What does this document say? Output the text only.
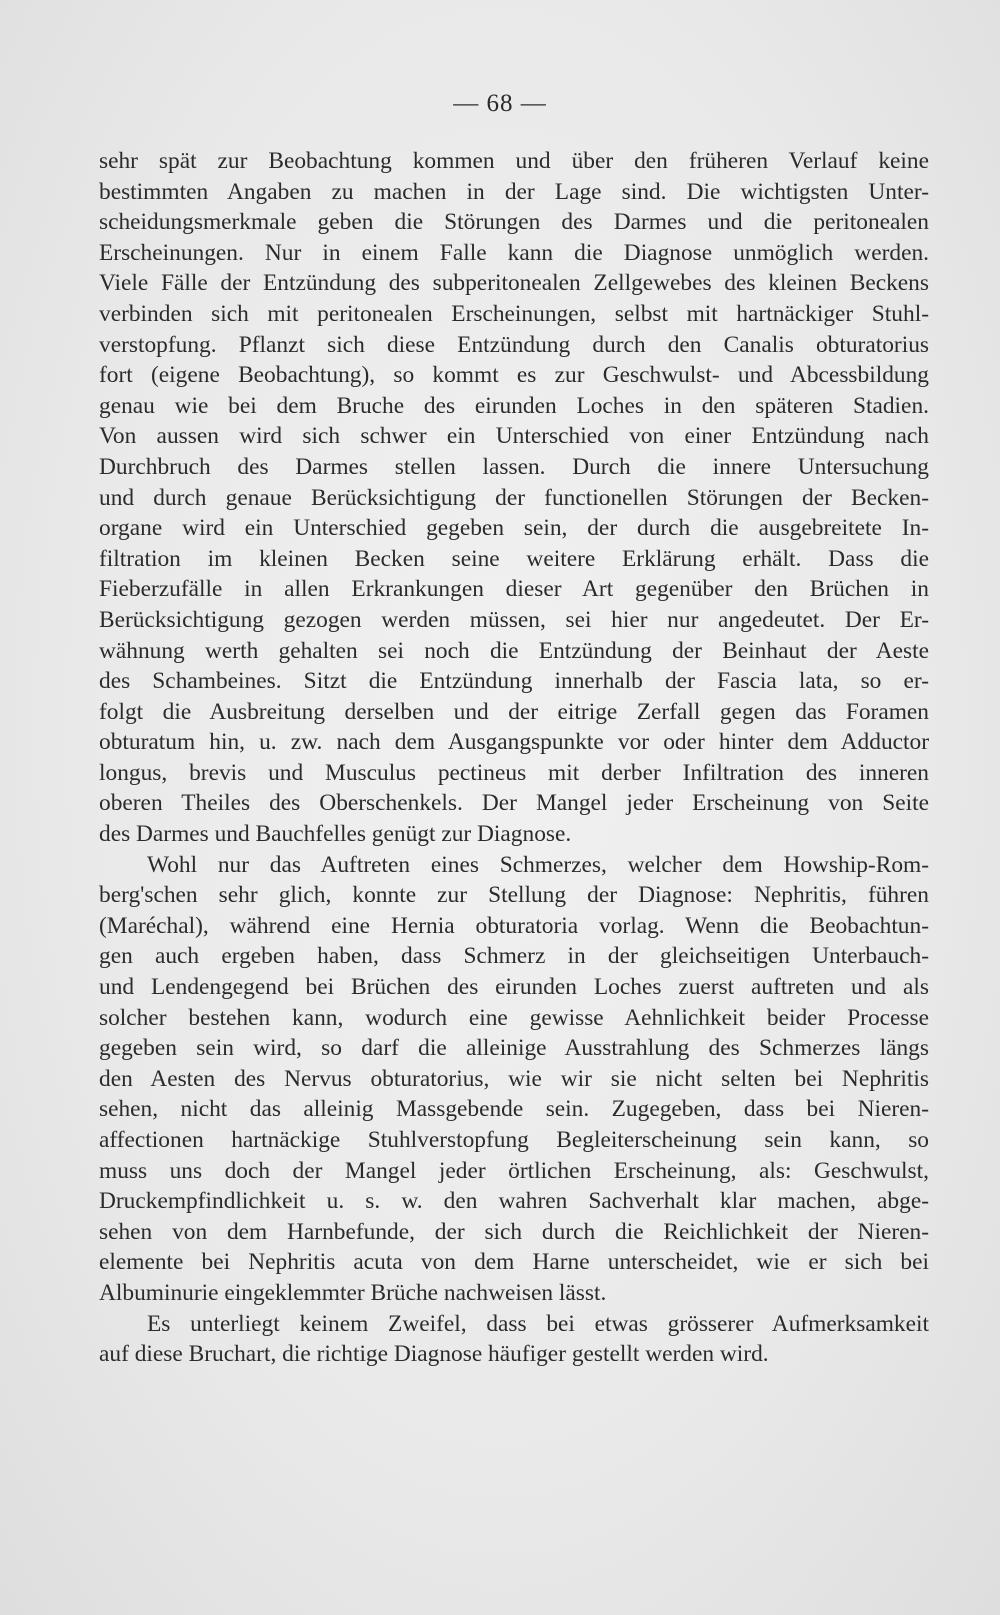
— 68 —
sehr spät zur Beobachtung kommen und über den früheren Verlauf keine
bestimmten Angaben zu machen in der Lage sind. Die wichtigsten Unter-
scheidungsmerkmale geben die Störungen des Darmes und die peritonealen
Erscheinungen. Nur in einem Falle kann die Diagnose unmöglich werden.
Viele Fälle der Entzündung des subperitonealen Zellgewebes des kleinen Beckens
verbinden sich mit peritonealen Erscheinungen, selbst mit hartnäckiger Stuhl-
verstopfung. Pflanzt sich diese Entzündung durch den Canalis obturatorius
fort (eigene Beobachtung), so kommt es zur Geschwulst- und Abcessbildung
genau wie bei dem Bruche des eirunden Loches in den späteren Stadien.
Von aussen wird sich schwer ein Unterschied von einer Entzündung nach
Durchbruch des Darmes stellen lassen. Durch die innere Untersuchung
und durch genaue Berücksichtigung der functionellen Störungen der Becken-
organe wird ein Unterschied gegeben sein, der durch die ausgebreitete In-
filtration im kleinen Becken seine weitere Erklärung erhält. Dass die
Fieberzufälle in allen Erkrankungen dieser Art gegenüber den Brüchen in
Berücksichtigung gezogen werden müssen, sei hier nur angedeutet. Der Er-
wähnung werth gehalten sei noch die Entzündung der Beinhaut der Aeste
des Schambeines. Sitzt die Entzündung innerhalb der Fascia lata, so er-
folgt die Ausbreitung derselben und der eitrige Zerfall gegen das Foramen
obturatum hin, u. zw. nach dem Ausgangspunkte vor oder hinter dem Adductor
longus, brevis und Musculus pectineus mit derber Infiltration des inneren
oberen Theiles des Oberschenkels. Der Mangel jeder Erscheinung von Seite
des Darmes und Bauchfelles genügt zur Diagnose.
Wohl nur das Auftreten eines Schmerzes, welcher dem Howship-Rom-
berg'schen sehr glich, konnte zur Stellung der Diagnose: Nephritis, führen
(Maréchal), während eine Hernia obturatoria vorlag. Wenn die Beobachtun-
gen auch ergeben haben, dass Schmerz in der gleichseitigen Unterbauch-
und Lendengegend bei Brüchen des eirunden Loches zuerst auftreten und als
solcher bestehen kann, wodurch eine gewisse Aehnlichkeit beider Processe
gegeben sein wird, so darf die alleinige Ausstrahlung des Schmerzes längs
den Aesten des Nervus obturatorius, wie wir sie nicht selten bei Nephritis
sehen, nicht das alleinig Massgebende sein. Zugegeben, dass bei Nieren-
affectionen hartnäckige Stuhlverstopfung Begleiterscheinung sein kann, so
muss uns doch der Mangel jeder örtlichen Erscheinung, als: Geschwulst,
Druckempfindlichkeit u. s. w. den wahren Sachverhalt klar machen, abge-
sehen von dem Harnbefunde, der sich durch die Reichlichkeit der Nieren-
elemente bei Nephritis acuta von dem Harne unterscheidet, wie er sich bei
Albuminurie eingeklemmter Brüche nachweisen lässt.
Es unterliegt keinem Zweifel, dass bei etwas grösserer Aufmerksamkeit
auf diese Bruchart, die richtige Diagnose häufiger gestellt werden wird.
